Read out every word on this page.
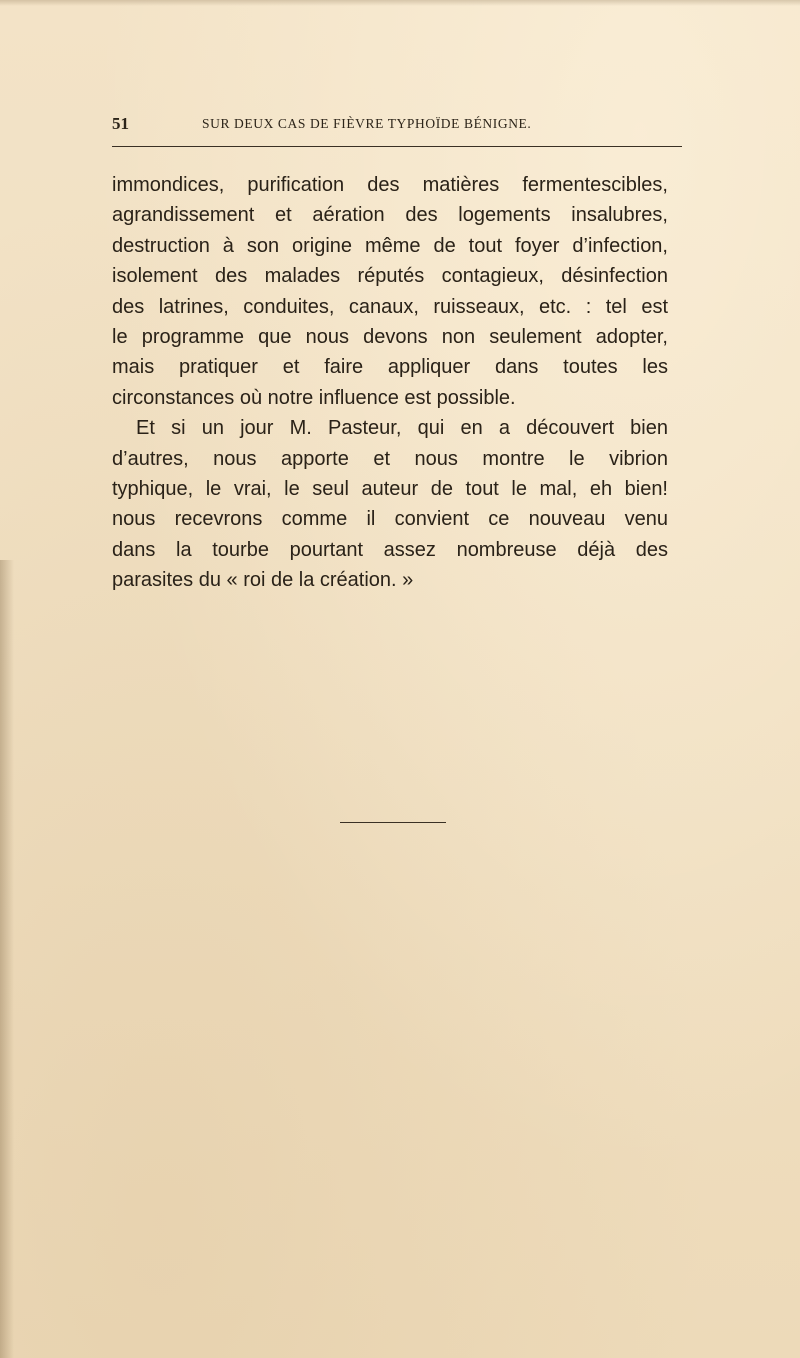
51	SUR DEUX CAS DE FIÈVRE TYPHOÏDE BÉNIGNE.
immondices, purification des matières fermentescibles,
agrandissement et aération des logements insalubres,
destruction à son origine même de tout foyer d’infection,
isolement des malades réputés contagieux, désinfection
des latrines, conduites, canaux, ruisseaux, etc. : tel est
le programme que nous devons non seulement adopter,
mais pratiquer et faire appliquer dans toutes les
circonstances où notre influence est possible.
Et si un jour M. Pasteur, qui en a découvert bien
d’autres, nous apporte et nous montre le vibrion
typhique, le vrai, le seul auteur de tout le mal, eh bien!
nous recevrons comme il convient ce nouveau venu
dans la tourbe pourtant assez nombreuse déjà des
parasites du « roi de la création. »
